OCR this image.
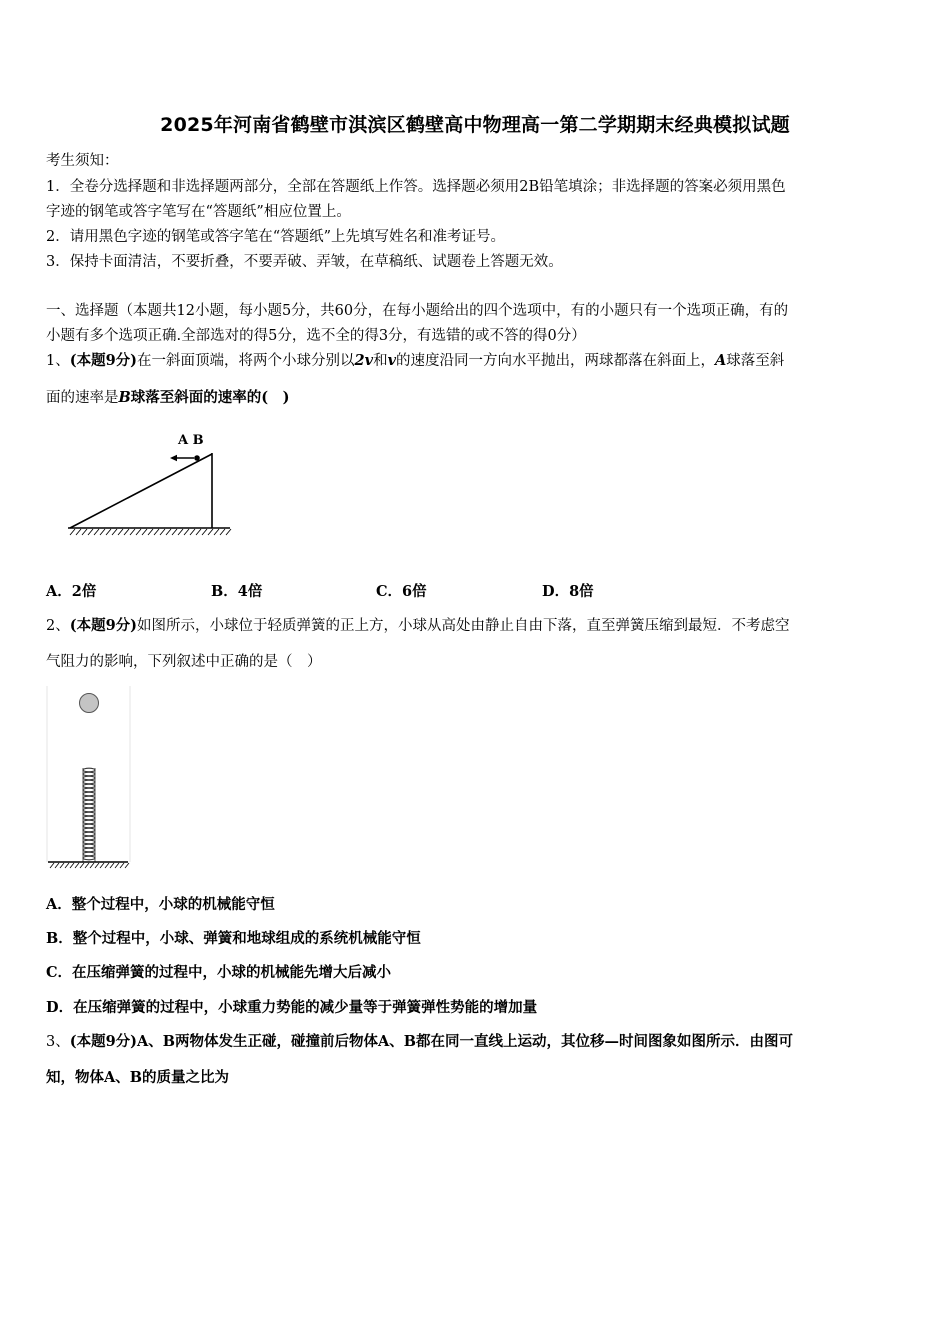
2025年河南省鹤壁市淇滨区鹤壁高中物理高一第二学期期末经典模拟试题
考生须知：
1．全卷分选择题和非选择题两部分，全部在答题纸上作答。选择题必须用2B铅笔填涂；非选择题的答案必须用黑色
字迹的钢笔或答字笔写在“答题纸”相应位置上。
2．请用黑色字迹的钢笔或答字笔在“答题纸”上先填写姓名和准考证号。
3．保持卡面清洁，不要折叠，不要弄破、弄皱，在草稿纸、试题卷上答题无效。
一、选择题（本题共12小题，每小题5分，共60分，在每小题给出的四个选项中，有的小题只有一个选项正确，有的
小题有多个选项正确.全部选对的得5分，选不全的得3分，有选错的或不答的得0分）
1、(本题9分)在一斜面顶端，将两个小球分别以2v和v的速度沿同一方向水平抛出，两球都落在斜面上，A球落至斜
面的速率是B球落至斜面的速率的(　)
A B
A．2倍	B．4倍	C．6倍	D．8倍
2、(本题9分)如图所示，小球位于轻质弹簧的正上方，小球从高处由静止自由下落，直至弹簧压缩到最短．不考虑空
气阻力的影响，下列叙述中正确的是（　）
A．整个过程中，小球的机械能守恒
B．整个过程中，小球、弹簧和地球组成的系统机械能守恒
C．在压缩弹簧的过程中，小球的机械能先增大后减小
D．在压缩弹簧的过程中，小球重力势能的减少量等于弹簧弹性势能的增加量
3、(本题9分)A、B两物体发生正碰，碰撞前后物体A、B都在同一直线上运动，其位移—时间图象如图所示．由图可
知，物体A、B的质量之比为
